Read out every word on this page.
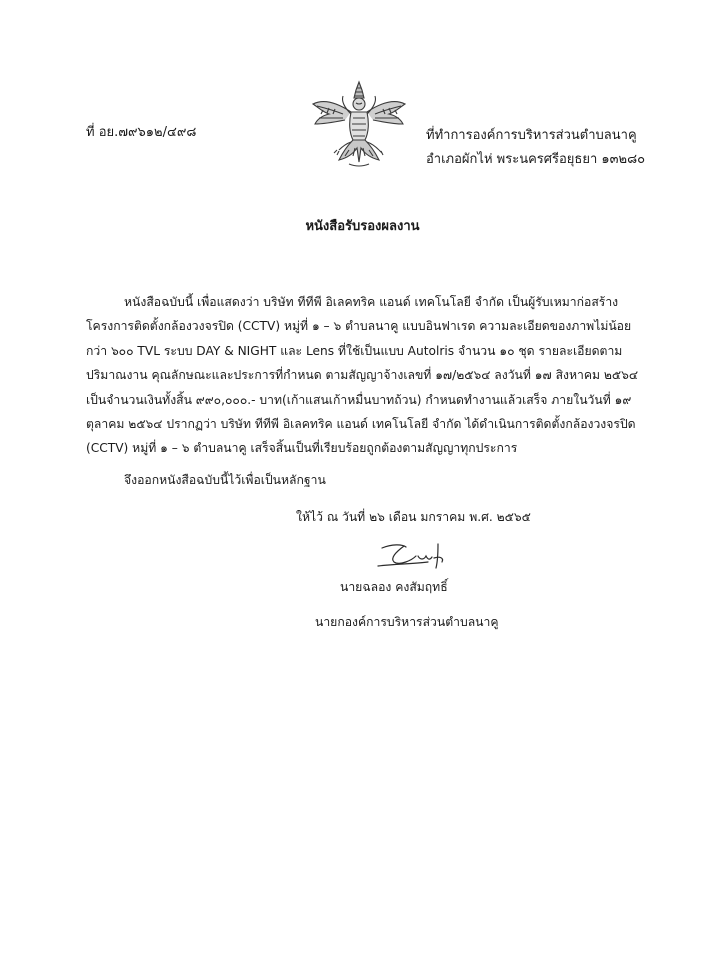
ที่ อย.๗๙๖๑๒/๔๙๘	ที่ทำการองค์การบริหารส่วนตำบลนาคู
อำเภอผักไห่ พระนครศรีอยุธยา ๑๓๒๘๐
หนังสือรับรองผลงาน
หนังสือฉบับนี้ เพื่อแสดงว่า บริษัท ทีทีพี อิเลคทริค แอนด์ เทคโนโลยี จำกัด เป็นผู้รับเหมาก่อสร้าง
โครงการติดตั้งกล้องวงจรปิด (CCTV) หมู่ที่ ๑ – ๖ ตำบลนาคู แบบอินฟาเรด ความละเอียดของภาพไม่น้อย
กว่า ๖๐๐ TVL ระบบ DAY & NIGHT และ Lens ที่ใช้เป็นแบบ Autolris จำนวน ๑๐ ชุด รายละเอียดตาม
ปริมาณงาน คุณลักษณะและประการที่กำหนด ตามสัญญาจ้างเลขที่ ๑๗/๒๕๖๔ ลงวันที่ ๑๗ สิงหาคม ๒๕๖๔
เป็นจำนวนเงินทั้งสิ้น ๙๙๐,๐๐๐.- บาท(เก้าแสนเก้าหมื่นบาทถ้วน) กำหนดทำงานแล้วเสร็จ ภายในวันที่ ๑๙
ตุลาคม ๒๕๖๔ ปรากฏว่า บริษัท ทีทีพี อิเลคทริค แอนด์ เทคโนโลยี จำกัด ได้ดำเนินการติดตั้งกล้องวงจรปิด
(CCTV) หมู่ที่ ๑ – ๖ ตำบลนาคู เสร็จสิ้นเป็นที่เรียบร้อยถูกต้องตามสัญญาทุกประการ
จึงออกหนังสือฉบับนี้ไว้เพื่อเป็นหลักฐาน
ให้ไว้ ณ วันที่ ๒๖ เดือน มกราคม พ.ศ. ๒๕๖๕
นายฉลอง คงสัมฤทธิ์
นายกองค์การบริหารส่วนตำบลนาคู
